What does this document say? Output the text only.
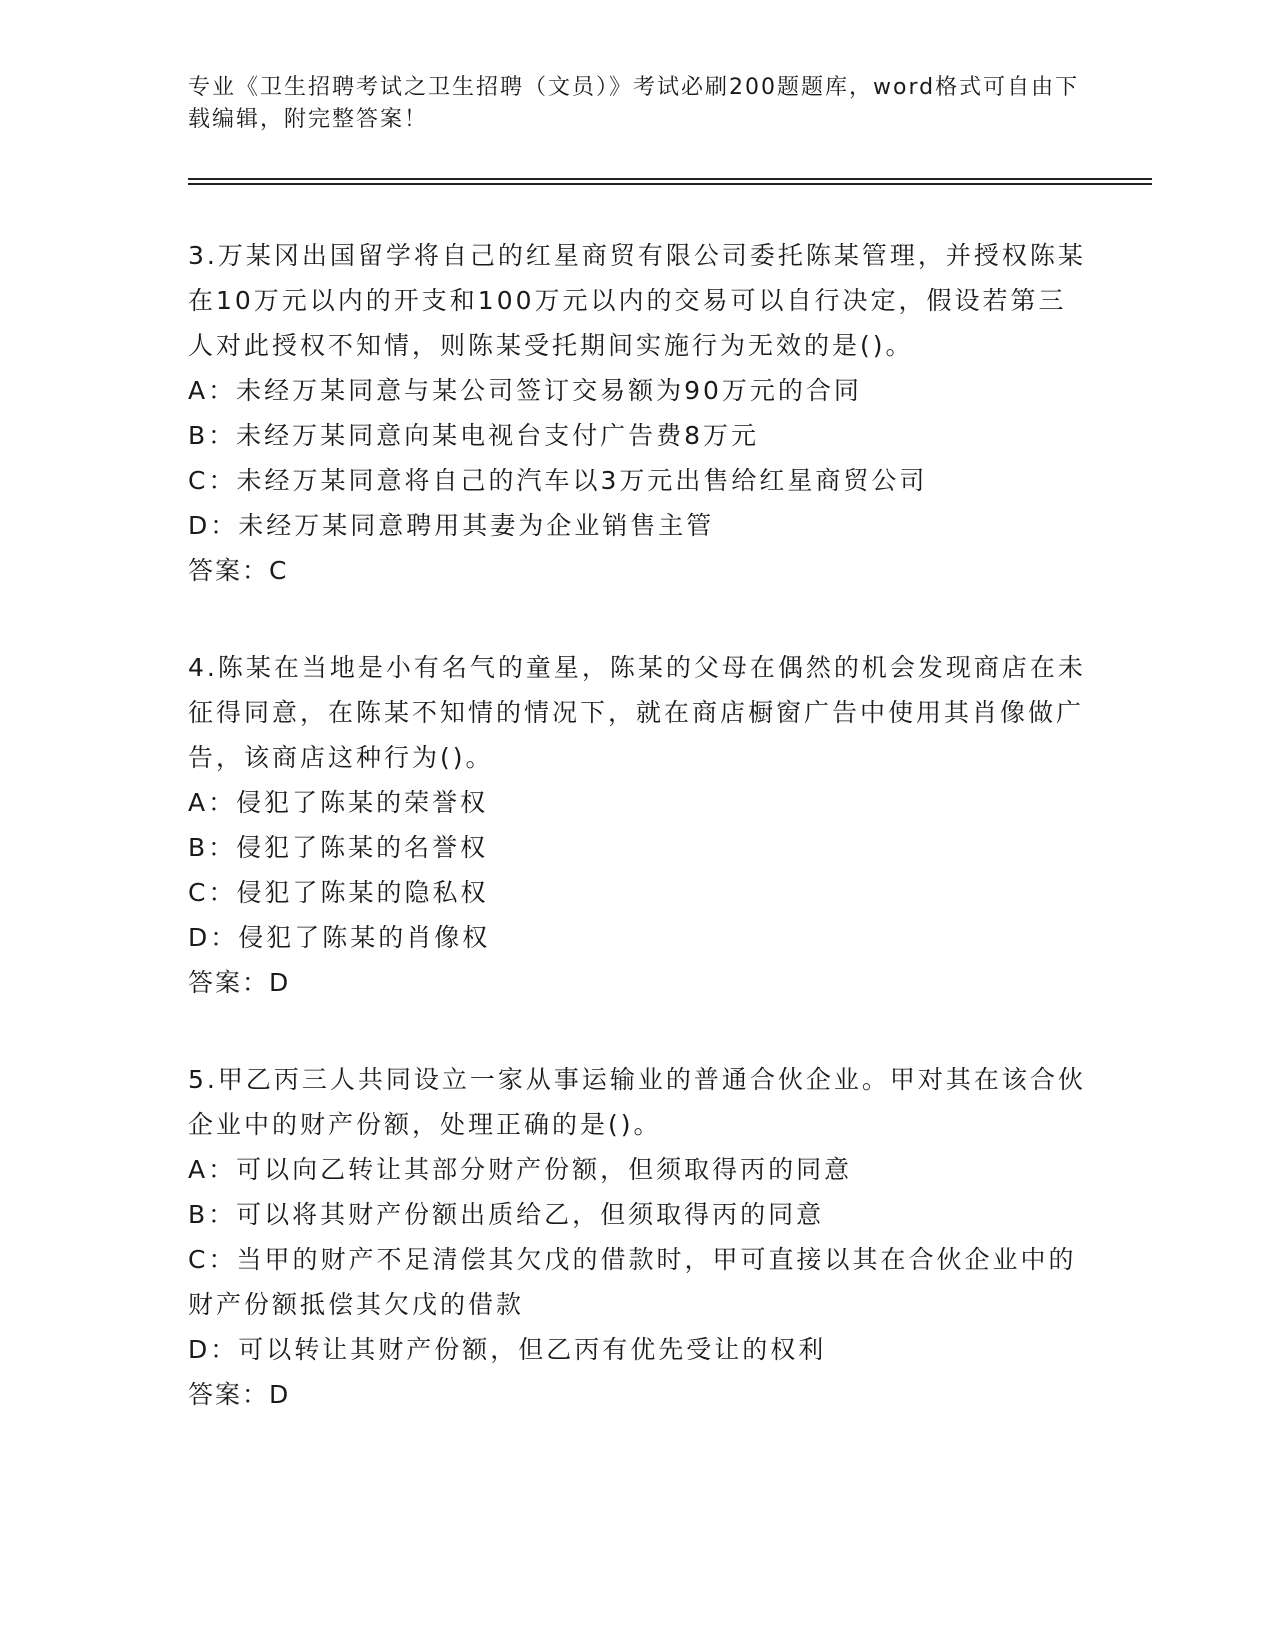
专业《卫生招聘考试之卫生招聘（文员）》考试必刷200题题库，word格式可自由下载编辑，附完整答案！
3.万某冈出国留学将自己的红星商贸有限公司委托陈某管理，并授权陈某在10万元以内的开支和100万元以内的交易可以自行决定，假设若第三人对此授权不知情，则陈某受托期间实施行为无效的是()。
A：未经万某同意与某公司签订交易额为90万元的合同
B：未经万某同意向某电视台支付广告费8万元
C：未经万某同意将自己的汽车以3万元出售给红星商贸公司
D：未经万某同意聘用其妻为企业销售主管
答案：C
4.陈某在当地是小有名气的童星，陈某的父母在偶然的机会发现商店在未征得同意，在陈某不知情的情况下，就在商店橱窗广告中使用其肖像做广告，该商店这种行为()。
A：侵犯了陈某的荣誉权
B：侵犯了陈某的名誉权
C：侵犯了陈某的隐私权
D：侵犯了陈某的肖像权
答案：D
5.甲乙丙三人共同设立一家从事运输业的普通合伙企业。甲对其在该合伙企业中的财产份额，处理正确的是()。
A：可以向乙转让其部分财产份额，但须取得丙的同意
B：可以将其财产份额出质给乙，但须取得丙的同意
C：当甲的财产不足清偿其欠戊的借款时，甲可直接以其在合伙企业中的财产份额抵偿其欠戊的借款
D：可以转让其财产份额，但乙丙有优先受让的权利
答案：D
